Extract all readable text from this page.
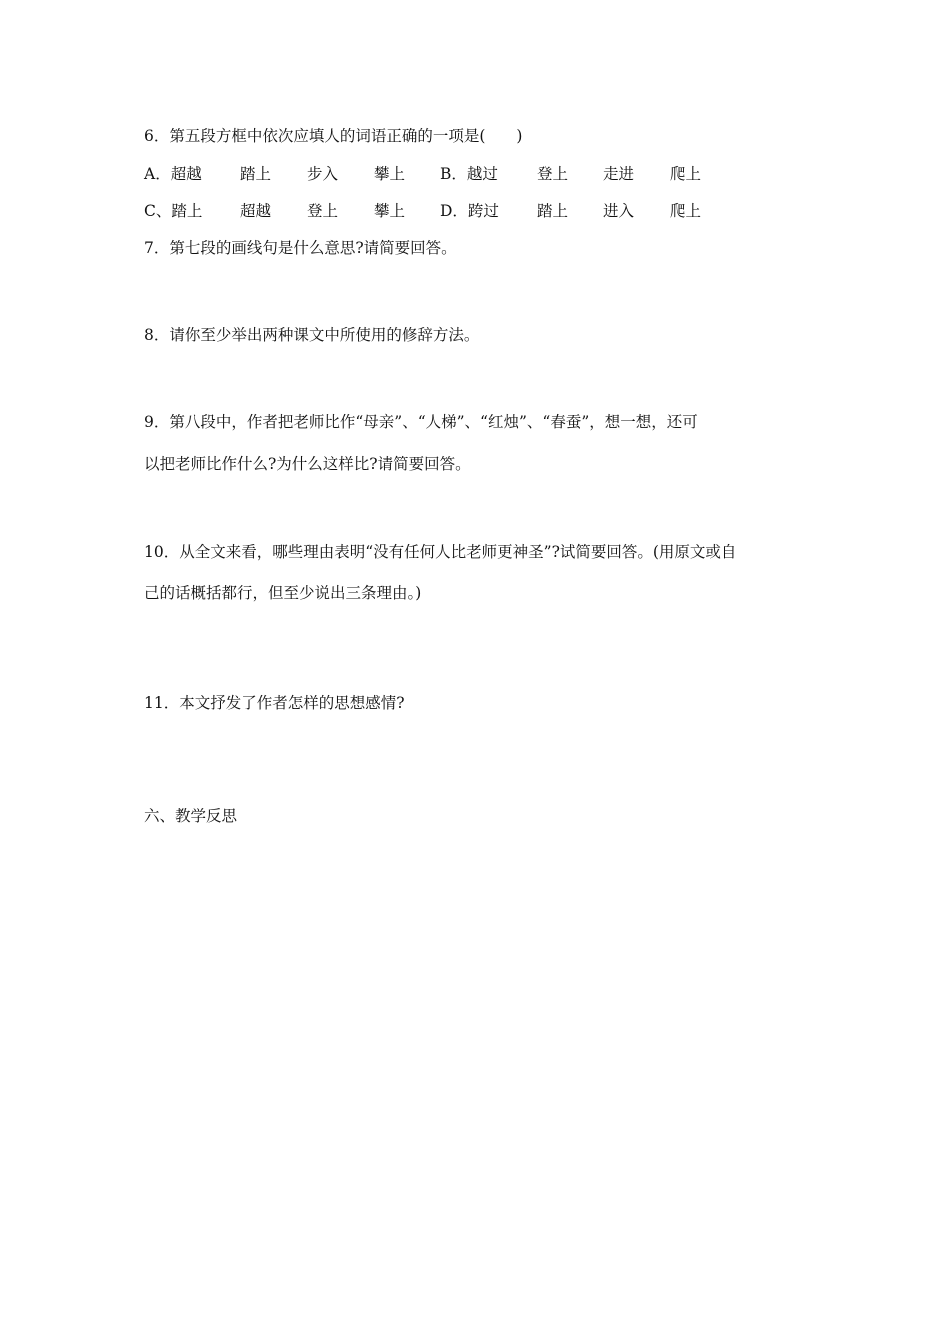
6．第五段方框中依次应填人的词语正确的一项是(　　)
A．超越 踏上 步入 攀上 B．越过	登上 走进 爬上
C、踏上 超越 登上 攀上 D．跨过 踏上 进入 爬上
7．第七段的画线句是什么意思?请简要回答。
8．请你至少举出两种课文中所使用的修辞方法。
9．第八段中，作者把老师比作“母亲”、“人梯”、“红烛”、“春蚕”，想一想，还可
以把老师比作什么?为什么这样比?请简要回答。
10．从全文来看，哪些理由表明“没有任何人比老师更神圣”?试简要回答。(用原文或自
己的话概括都行，但至少说出三条理由。)
11．本文抒发了作者怎样的思想感情?
六、教学反思
